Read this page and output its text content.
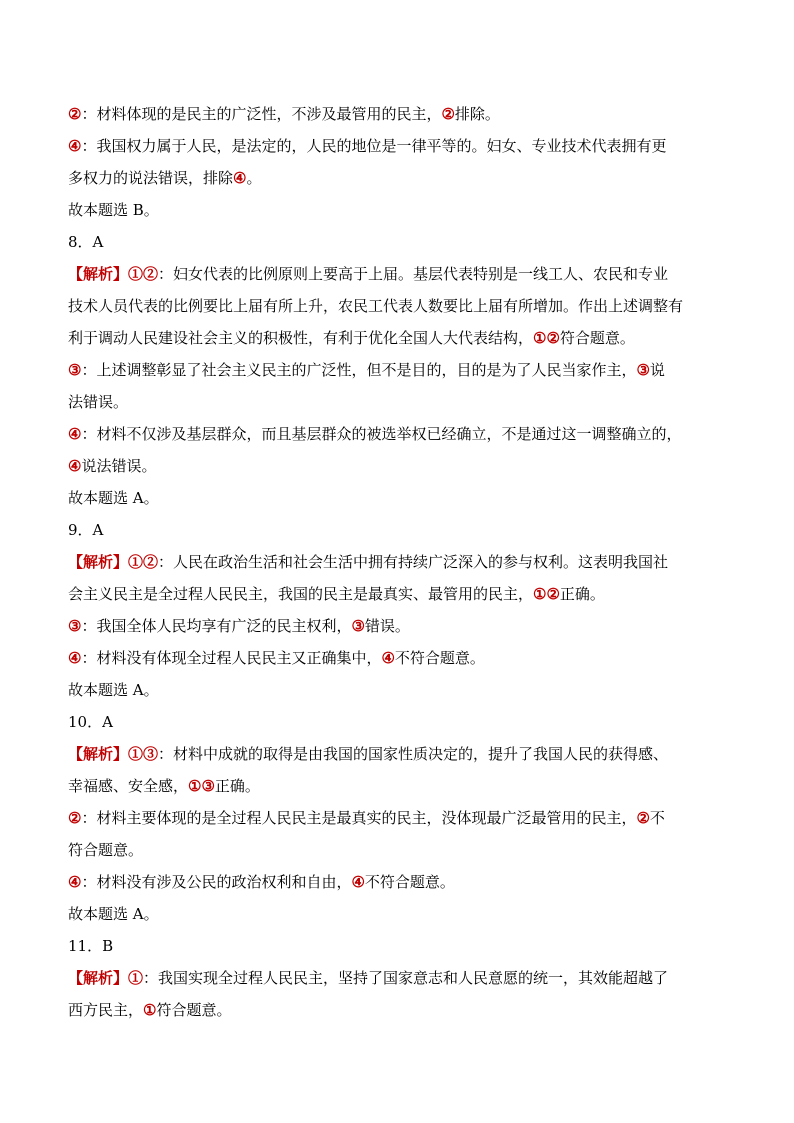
②：材料体现的是民主的广泛性，不涉及最管用的民主，②排除。

④：我国权力属于人民，是法定的，人民的地位是一律平等的。妇女、专业技术代表拥有更

多权力的说法错误，排除④。

故本题选 B。

8．A

【解析】①②：妇女代表的比例原则上要高于上届。基层代表特别是一线工人、农民和专业

技术人员代表的比例要比上届有所上升，农民工代表人数要比上届有所增加。作出上述调整有

利于调动人民建设社会主义的积极性，有利于优化全国人大代表结构，①②符合题意。

③：上述调整彰显了社会主义民主的广泛性，但不是目的，目的是为了人民当家作主，③说

法错误。

④：材料不仅涉及基层群众，而且基层群众的被选举权已经确立，不是通过这一调整确立的，

④说法错误。

故本题选 A。

9．A

【解析】①②：人民在政治生活和社会生活中拥有持续广泛深入的参与权利。这表明我国社

会主义民主是全过程人民民主，我国的民主是最真实、最管用的民主，①②正确。

③：我国全体人民均享有广泛的民主权利，③错误。

④：材料没有体现全过程人民民主又正确集中，④不符合题意。

故本题选 A。

10．A

【解析】①③：材料中成就的取得是由我国的国家性质决定的，提升了我国人民的获得感、

幸福感、安全感，①③正确。

②：材料主要体现的是全过程人民民主是最真实的民主，没体现最广泛最管用的民主，②不

符合题意。

④：材料没有涉及公民的政治权利和自由，④不符合题意。

故本题选 A。

11．B

【解析】①：我国实现全过程人民民主，坚持了国家意志和人民意愿的统一，其效能超越了

西方民主，①符合题意。
